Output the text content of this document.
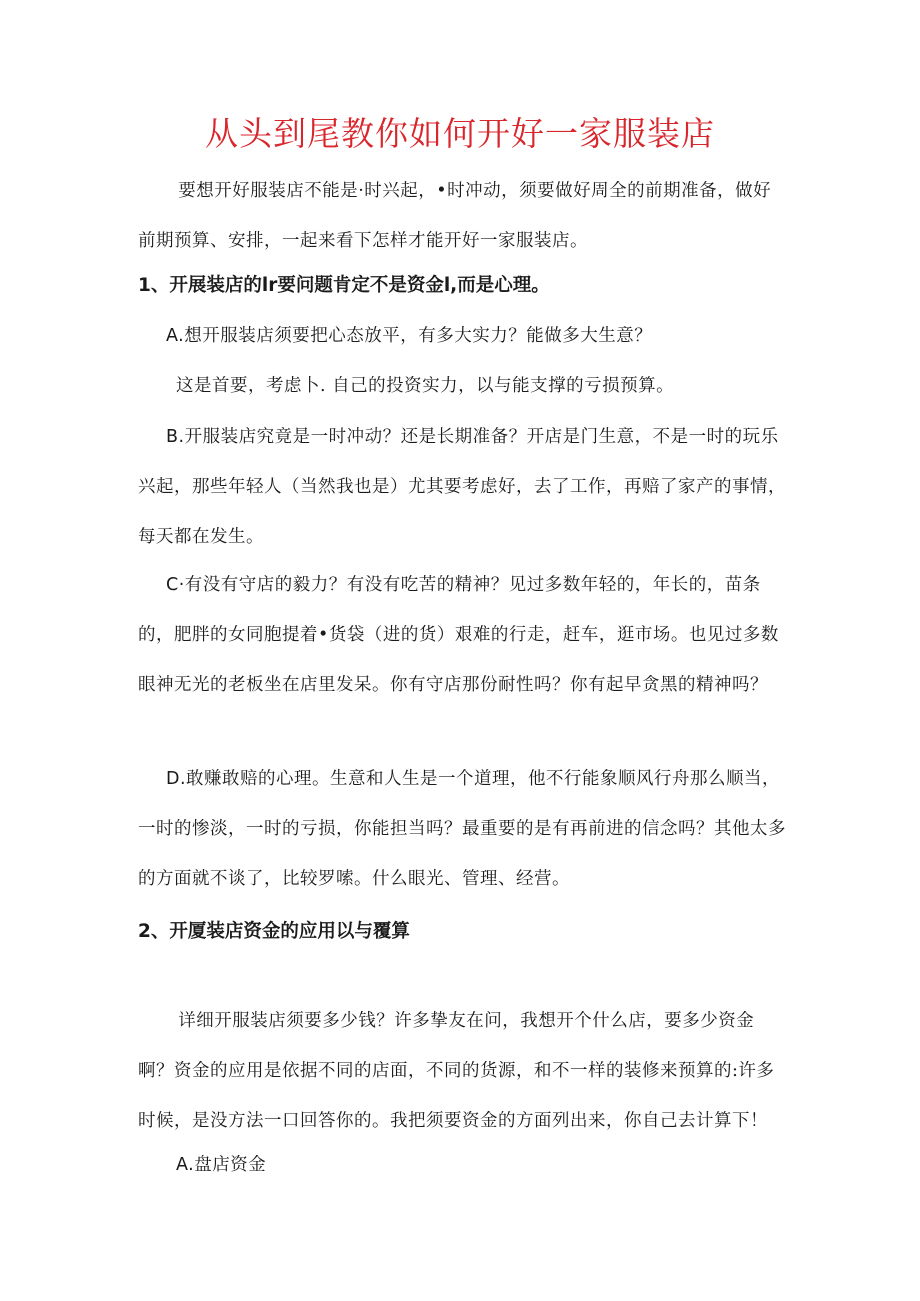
从头到尾教你如何开好一家服装店
要想开好服装店不能是·时兴起，•时冲动，须要做好周全的前期准备，做好前期预算、安排，一起来看下怎样才能开好一家服装店。
1、开展装店的lr要问题肯定不是资金l,而是心理。
A.想开服装店须要把心态放平，有多大实力？能做多大生意？
这是首要，考虑卜. 自己的投资实力，以与能支撑的亏损预算。
B.开服装店究竟是一时冲动？还是长期准备？开店是门生意，不是一时的玩乐兴起，那些年轻人（当然我也是）尤其要考虑好，去了工作，再赔了家产的事情，每天都在发生。
C·有没有守店的毅力？有没有吃苦的精神？见过多数年轻的，年长的，苗条的，肥胖的女同胞提着•货袋（进的货）艰难的行走，赶车，逛市场。也见过多数眼神无光的老板坐在店里发呆。你有守店那份耐性吗？你有起早贪黑的精神吗？
D.敢赚敢赔的心理。生意和人生是一个道理，他不行能象顺风行舟那么顺当，一时的惨淡，一时的亏损，你能担当吗？最重要的是有再前进的信念吗？其他太多的方面就不谈了，比较罗嗦。什么眼光、管理、经营。
2、开厦装店资金的应用以与覆算
详细开服装店须要多少钱？许多挚友在问，我想开个什么店，要多少资金啊？资金的应用是依据不同的店面，不同的货源，和不一样的装修来预算的:许多时候，是没方法一口回答你的。我把须要资金的方面列出来，你自己去计算下！
A.盘店资金
